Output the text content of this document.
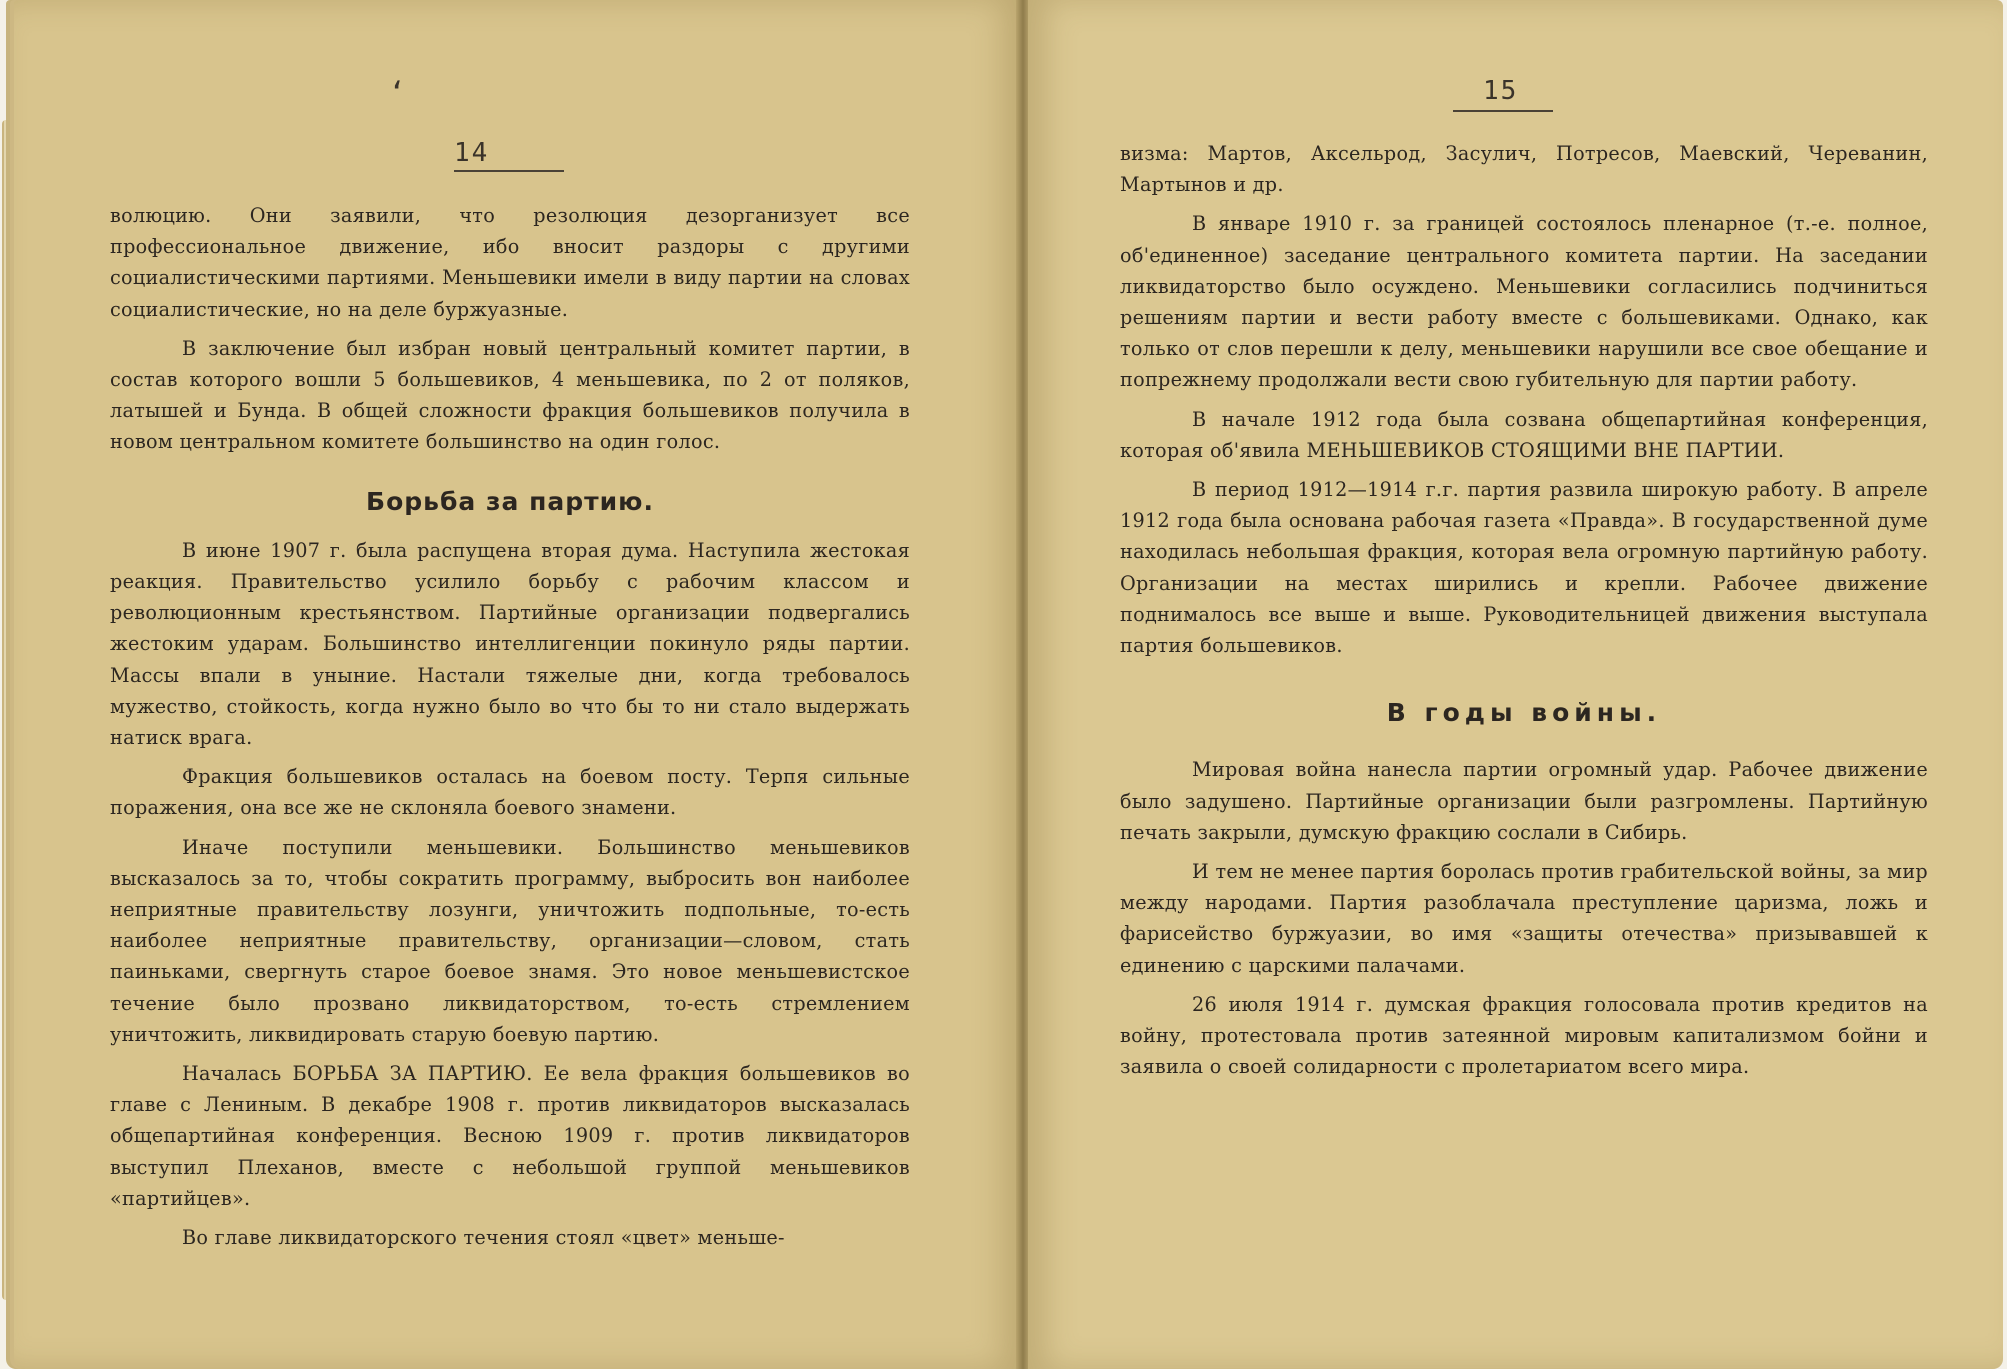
ʻ
14

волюцию. Они заявили, что резолюция дезорганизует все профессиональное движение, ибо вносит раздоры с другими социалистическими партиями. Меньшевики имели в виду партии на словах социалистические, но на деле буржуазные.

В заключение был избран новый центральный комитет партии, в состав которого вошли 5 большевиков, 4 меньшевика, по 2 от поляков, латышей и Бунда. В общей сложности фракция большевиков получила в новом центральном комитете большинство на один голос.

Борьба за партию.

В июне 1907 г. была распущена вторая дума. Наступила жестокая реакция. Правительство усилило борьбу с рабочим классом и революционным крестьянством. Партийные организации подвергались жестоким ударам. Большинство интеллигенции покинуло ряды партии. Массы впали в уныние. Настали тяжелые дни, когда требовалось мужество, стойкость, когда нужно было во что бы то ни стало выдержать натиск врага.

Фракция большевиков осталась на боевом посту. Терпя сильные поражения, она все же не склоняла боевого знамени.

Иначе поступили меньшевики. Большинство меньшевиков высказалось за то, чтобы сократить программу, выбросить вон наиболее неприятные правительству лозунги, уничтожить подпольные, то-есть наиболее неприятные правительству, организации—словом, стать паиньками, свергнуть старое боевое знамя. Это новое меньшевистское течение было прозвано ликвидаторством, то-есть стремлением уничтожить, ликвидировать старую боевую партию.

Началась БОРЬБА ЗА ПАРТИЮ. Ее вела фракция большевиков во главе с Лениным. В декабре 1908 г. против ликвидаторов высказалась общепартийная конференция. Весною 1909 г. против ликвидаторов выступил Плеханов, вместе с небольшой группой меньшевиков «партийцев».

Во главе ликвидаторского течения стоял «цвет» меньше-

15

визма: Мартов, Аксельрод, Засулич, Потресов, Маевский, Череванин, Мартынов и др.

В январе 1910 г. за границей состоялось пленарное (т.-е. полное, об'единенное) заседание центрального комитета партии. На заседании ликвидаторство было осуждено. Меньшевики согласились подчиниться решениям партии и вести работу вместе с большевиками. Однако, как только от слов перешли к делу, меньшевики нарушили все свое обещание и попрежнему продолжали вести свою губительную для партии работу.

В начале 1912 года была созвана общепартийная конференция, которая об'явила МЕНЬШЕВИКОВ СТОЯЩИМИ ВНЕ ПАРТИИ.

В период 1912—1914 г.г. партия развила широкую работу. В апреле 1912 года была основана рабочая газета «Правда». В государственной думе находилась небольшая фракция, которая вела огромную партийную работу. Организации на местах ширились и крепли. Рабочее движение поднималось все выше и выше. Руководительницей движения выступала партия большевиков.

В годы войны.

Мировая война нанесла партии огромный удар. Рабочее движение было задушено. Партийные организации были разгромлены. Партийную печать закрыли, думскую фракцию сослали в Сибирь.

И тем не менее партия боролась против грабительской войны, за мир между народами. Партия разоблачала преступление царизма, ложь и фарисейство буржуазии, во имя «защиты отечества» призывавшей к единению с царскими палачами.

26 июля 1914 г. думская фракция голосовала против кредитов на войну, протестовала против затеянной мировым капитализмом бойни и заявила о своей солидарности с пролетариатом всего мира.
